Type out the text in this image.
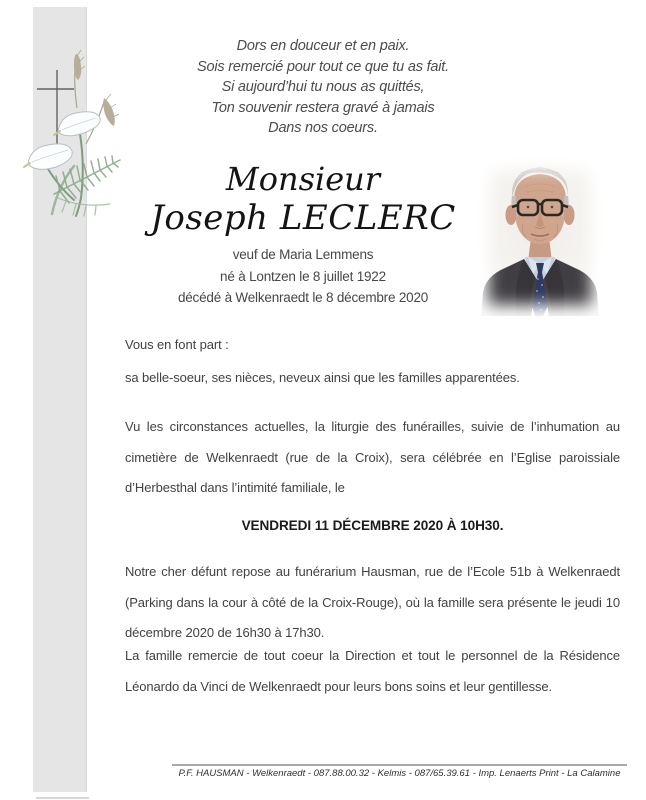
Dors en douceur et en paix.
Sois remercié pour tout ce que tu as fait.
Si aujourd’hui tu nous as quittés,
Ton souvenir restera gravé à jamais
Dans nos coeurs.
Monsieur
Joseph LECLERC
veuf de Maria Lemmens
né à Lontzen le 8 juillet 1922
décédé à Welkenraedt le 8 décembre 2020

Vous en font part :

sa belle-soeur, ses nièces, neveux ainsi que les familles apparentées.

Vu les circonstances actuelles, la liturgie des funérailles, suivie de l’inhumation au cimetière de Welkenraedt (rue de la Croix), sera célébrée en l’Eglise paroissiale d’Herbesthal dans l’intimité familiale, le

VENDREDI 11 DÉCEMBRE 2020 À 10H30.

Notre cher défunt repose au funérarium Hausman, rue de l’Ecole 51b à Welkenraedt (Parking dans la cour à côté de la Croix-Rouge), où la famille sera présente le jeudi 10 décembre 2020 de 16h30 à 17h30.

La famille remercie de tout coeur la Direction et tout le personnel de la Résidence Léonardo da Vinci de Welkenraedt pour leurs bons soins et leur gentillesse.

P.F. HAUSMAN - Welkenraedt - 087.88.00.32 - Kelmis - 087/65.39.61 - Imp. Lenaerts Print - La Calamine
